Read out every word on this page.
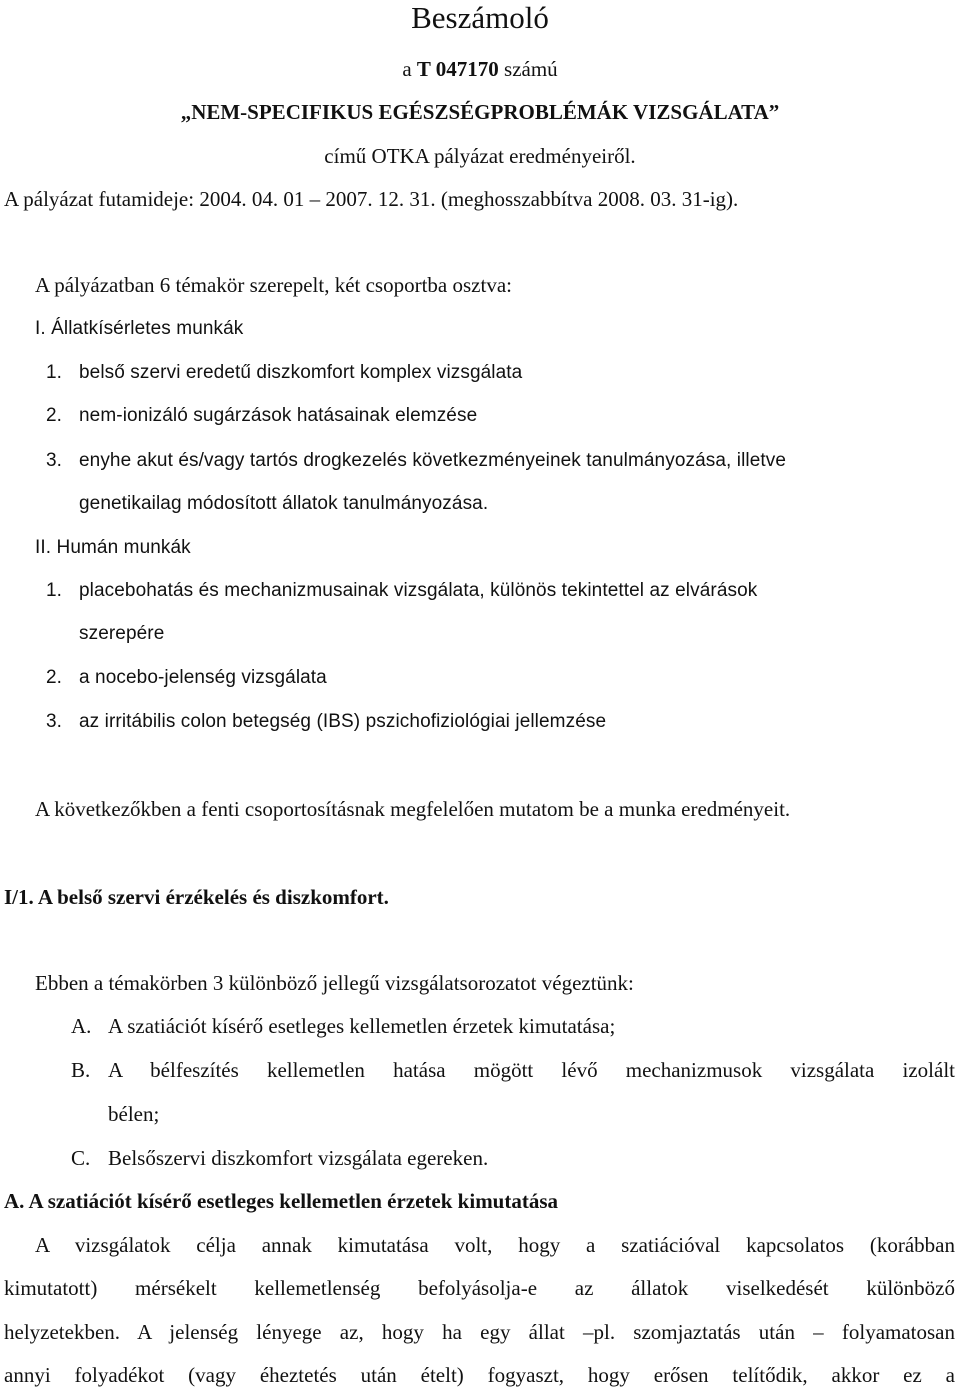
Beszámoló
a T 047170 számú
„NEM-SPECIFIKUS EGÉSZSÉGPROBLÉMÁK VIZSGÁLATA”
című OTKA pályázat eredményeiről.
A pályázat futamideje: 2004. 04. 01 – 2007. 12. 31. (meghosszabbítva 2008. 03. 31-ig).
A pályázatban 6 témakör szerepelt, két csoportba osztva:
I. Állatkísérletes munkák
1. belső szervi eredetű diszkomfort komplex vizsgálata
2. nem-ionizáló sugárzások hatásainak elemzése
3. enyhe akut és/vagy tartós drogkezelés következményeinek tanulmányozása, illetve
genetikailag módosított állatok tanulmányozása.
II. Humán munkák
1. placebohatás és mechanizmusainak vizsgálata, különös tekintettel az elvárások
szerepére
2. a nocebo-jelenség vizsgálata
3. az irritábilis colon betegség (IBS) pszichofiziológiai jellemzése
A következőkben a fenti csoportosításnak megfelelően mutatom be a munka eredményeit.
I/1. A belső szervi érzékelés és diszkomfort.
Ebben a témakörben 3 különböző jellegű vizsgálatsorozatot végeztünk:
A. A szatiációt kísérő esetleges kellemetlen érzetek kimutatása;
B. A bélfeszítés kellemetlen hatása mögött lévő mechanizmusok vizsgálata izolált
bélen;
C. Belsőszervi diszkomfort vizsgálata egereken.
A. A szatiációt kísérő esetleges kellemetlen érzetek kimutatása
A vizsgálatok célja annak kimutatása volt, hogy a szatiációval kapcsolatos (korábban
kimutatott) mérsékelt kellemetlenség befolyásolja-e az állatok viselkedését különböző
helyzetekben. A jelenség lényege az, hogy ha egy állat –pl. szomjaztatás után – folyamatosan
annyi folyadékot (vagy éheztetés után ételt) fogyaszt, hogy erősen telítődik, akkor ez a
